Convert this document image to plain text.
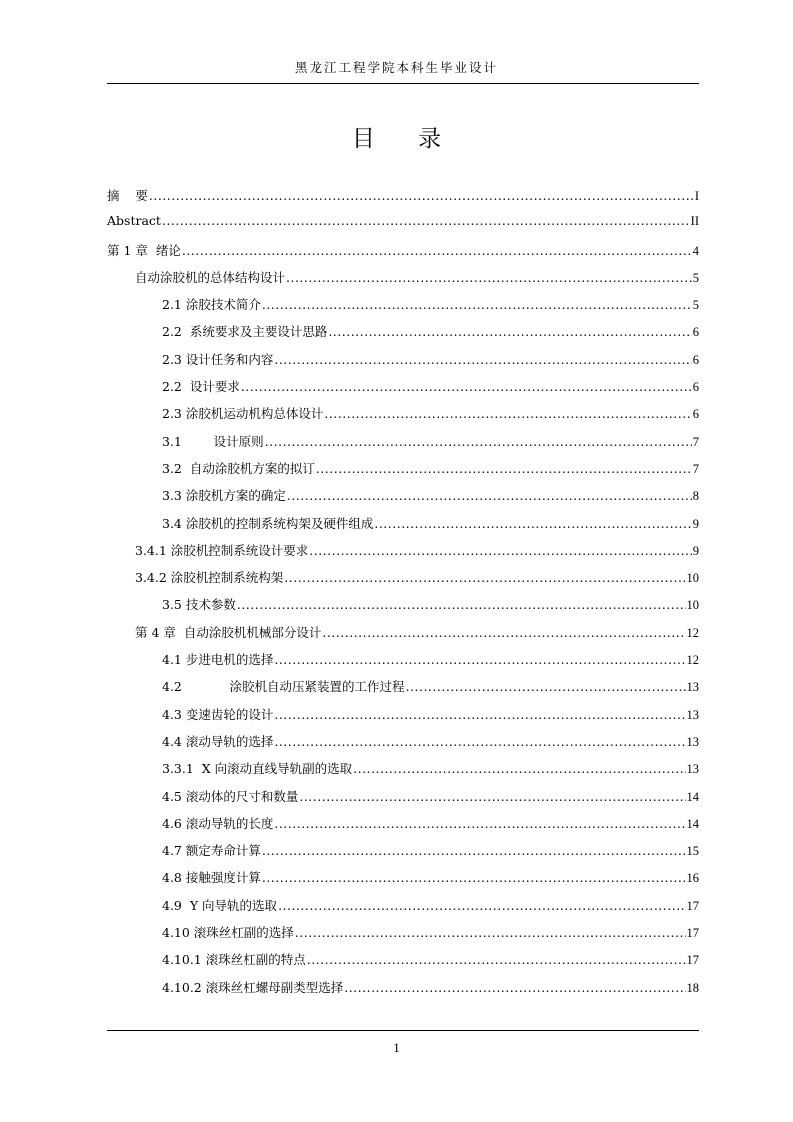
黑龙江工程学院本科生毕业设计
目 录
摘    要 .....	I
Abstract .....	II
第 1 章  绪论 .....	4
自动涂胶机的总体结构设计 .....	5
2.1 涂胶技术简介 .....	5
2.2  系统要求及主要设计思路 .....	6
2.3 设计任务和内容 .....	6
2.2  设计要求 .....	6
2.3 涂胶机运动机构总体设计 .....	6
3.1        设计原则 .....	7
3.2  自动涂胶机方案的拟订 .....	7
3.3 涂胶机方案的确定 .....	8
3.4 涂胶机的控制系统构架及硬件组成 .....	9
3.4.1 涂胶机控制系统设计要求 .....	9
3.4.2 涂胶机控制系统构架 .....	10
3.5 技术参数 .....	10
第 4 章  自动涂胶机机械部分设计 .....	12
4.1 步进电机的选择 .....	12
4.2            涂胶机自动压紧装置的工作过程 .....	13
4.3 变速齿轮的设计 .....	13
4.4 滚动导轨的选择 .....	13
3.3.1  X 向滚动直线导轨副的选取 .....	13
4.5 滚动体的尺寸和数量 .....	14
4.6 滚动导轨的长度 .....	14
4.7 额定寿命计算 .....	15
4.8 接触强度计算 .....	16
4.9  Y 向导轨的选取 .....	17
4.10 滚珠丝杠副的选择 .....	17
4.10.1 滚珠丝杠副的特点 .....	17
4.10.2 滚珠丝杠螺母副类型选择 .....	18
1
